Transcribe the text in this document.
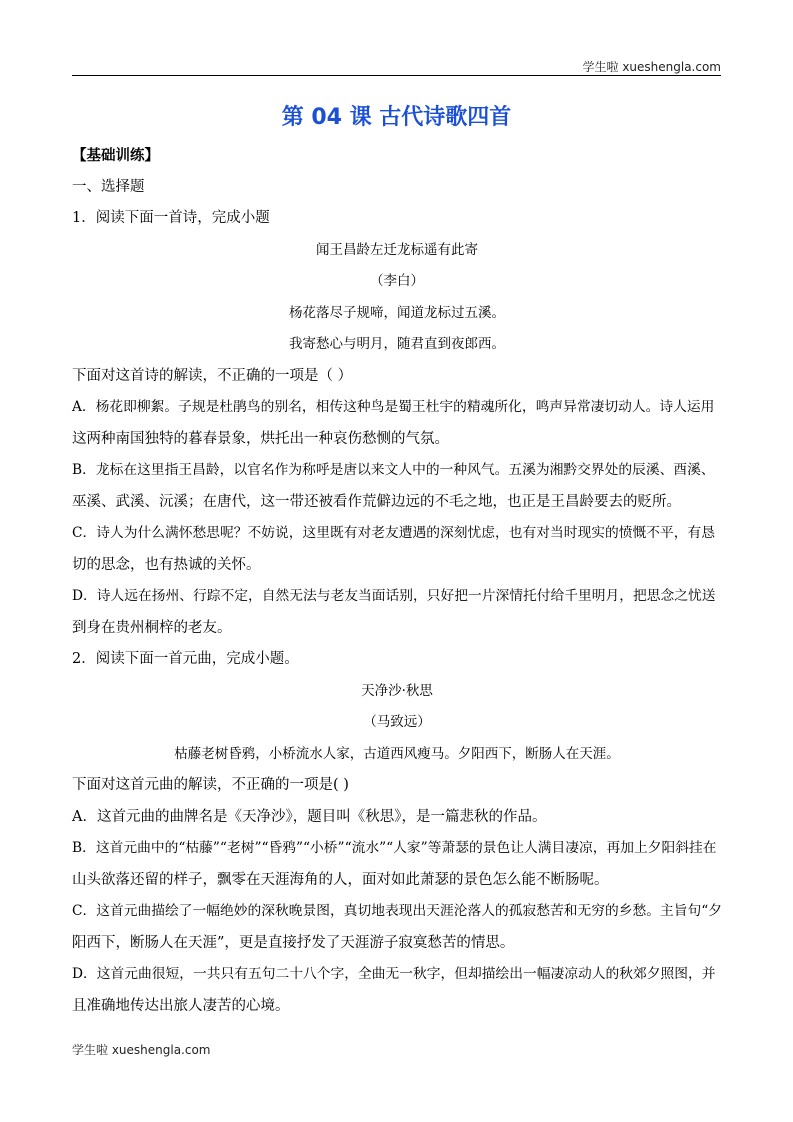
学生啦 xueshengla.com
第 04 课 古代诗歌四首

【基础训练】

一、选择题

1．阅读下面一首诗，完成小题

闻王昌龄左迁龙标遥有此寄

（李白）

杨花落尽子规啼，闻道龙标过五溪。

我寄愁心与明月，随君直到夜郎西。

下面对这首诗的解读，不正确的一项是（ ）

A．杨花即柳絮。子规是杜鹃鸟的别名，相传这种鸟是蜀王杜宇的精魂所化，鸣声异常凄切动人。诗人运用

这两种南国独特的暮春景象，烘托出一种哀伤愁恻的气氛。

B．龙标在这里指王昌龄，以官名作为称呼是唐以来文人中的一种风气。五溪为湘黔交界处的辰溪、酉溪、

巫溪、武溪、沅溪；在唐代，这一带还被看作荒僻边远的不毛之地，也正是王昌龄要去的贬所。

C．诗人为什么满怀愁思呢？不妨说，这里既有对老友遭遇的深刻忧虑，也有对当时现实的愤慨不平，有恳

切的思念，也有热诚的关怀。

D．诗人远在扬州、行踪不定，自然无法与老友当面话别，只好把一片深情托付给千里明月，把思念之忧送

到身在贵州桐梓的老友。

2．阅读下面一首元曲，完成小题。

天净沙·秋思

（马致远）

枯藤老树昏鸦，小桥流水人家，古道西风瘦马。夕阳西下，断肠人在天涯。

下面对这首元曲的解读，不正确的一项是( )

A．这首元曲的曲牌名是《天净沙》，题目叫《秋思》，是一篇悲秋的作品。

B．这首元曲中的“枯藤”“老树”“昏鸦”“小桥”“流水”“人家”等萧瑟的景色让人满目凄凉，再加上夕阳斜挂在

山头欲落还留的样子，飘零在天涯海角的人，面对如此萧瑟的景色怎么能不断肠呢。

C．这首元曲描绘了一幅绝妙的深秋晚景图，真切地表现出天涯沦落人的孤寂愁苦和无穷的乡愁。主旨句“夕

阳西下，断肠人在天涯”，更是直接抒发了天涯游子寂寞愁苦的情思。

D．这首元曲很短，一共只有五句二十八个字，全曲无一秋字，但却描绘出一幅凄凉动人的秋郊夕照图，并

且准确地传达出旅人凄苦的心境。

学生啦 xueshengla.com
